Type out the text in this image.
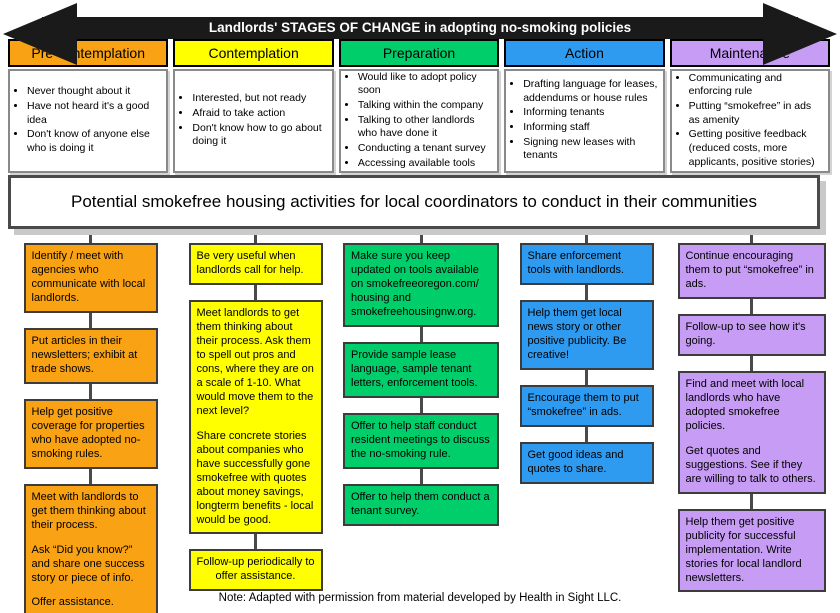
Landlords' STAGES OF CHANGE in adopting no-smoking policies
Pre-contemplation	Contemplation	Preparation	Action	Maintenance
• Never thought about it
• Have not heard it's a good idea
• Don't know of anyone else who is doing it
• Interested, but not ready
• Afraid to take action
• Don't know how to go about doing it
• Would like to adopt policy soon
• Talking within the company
• Talking to other landlords who have done it
• Conducting a tenant survey
• Accessing available tools
• Drafting language for leases, addendums or house rules
• Informing tenants
• Informing staff
• Signing new leases with tenants
• Communicating and enforcing rule
• Putting “smokefree” in ads as amenity
• Getting positive feedback (reduced costs, more applicants, positive stories)
Potential smokefree housing activities for local coordinators to conduct in their communities

Identify / meet with agencies who communicate with local landlords.

Put articles in their newsletters; exhibit at trade shows.

Help get positive coverage for properties who have adopted no-smoking rules.

Meet with landlords to get them thinking about their process.

Ask “Did you know?” and share one success story or piece of info.

Offer assistance.

Be very useful when landlords call for help.

Meet landlords to get them thinking about their process. Ask them to spell out pros and cons, where they are on a scale of 1-10. What would move them to the next level?

Share concrete stories about companies who have successfully gone smokefree with quotes about money savings, longterm benefits - local would be good.

Follow-up periodically to offer assistance.

Make sure you keep updated on tools available on smokefreeoregon.com/ housing and smokefreehousingnw.org.

Provide sample lease language, sample tenant letters, enforcement tools.

Offer to help staff conduct resident meetings to discuss the no-smoking rule.

Offer to help them conduct a tenant survey.

Share enforcement tools with landlords.

Help them get local news story or other positive publicity. Be creative!

Encourage them to put “smokefree” in ads.

Get good ideas and quotes to share.

Continue encouraging them to put “smokefree” in ads.

Follow-up to see how it's going.

Find and meet with local landlords who have adopted smokefree policies.

Get quotes and suggestions. See if they are willing to talk to others.

Help them get positive publicity for successful implementation. Write stories for local landlord newsletters.

Note: Adapted with permission from material developed by Health in Sight LLC.
